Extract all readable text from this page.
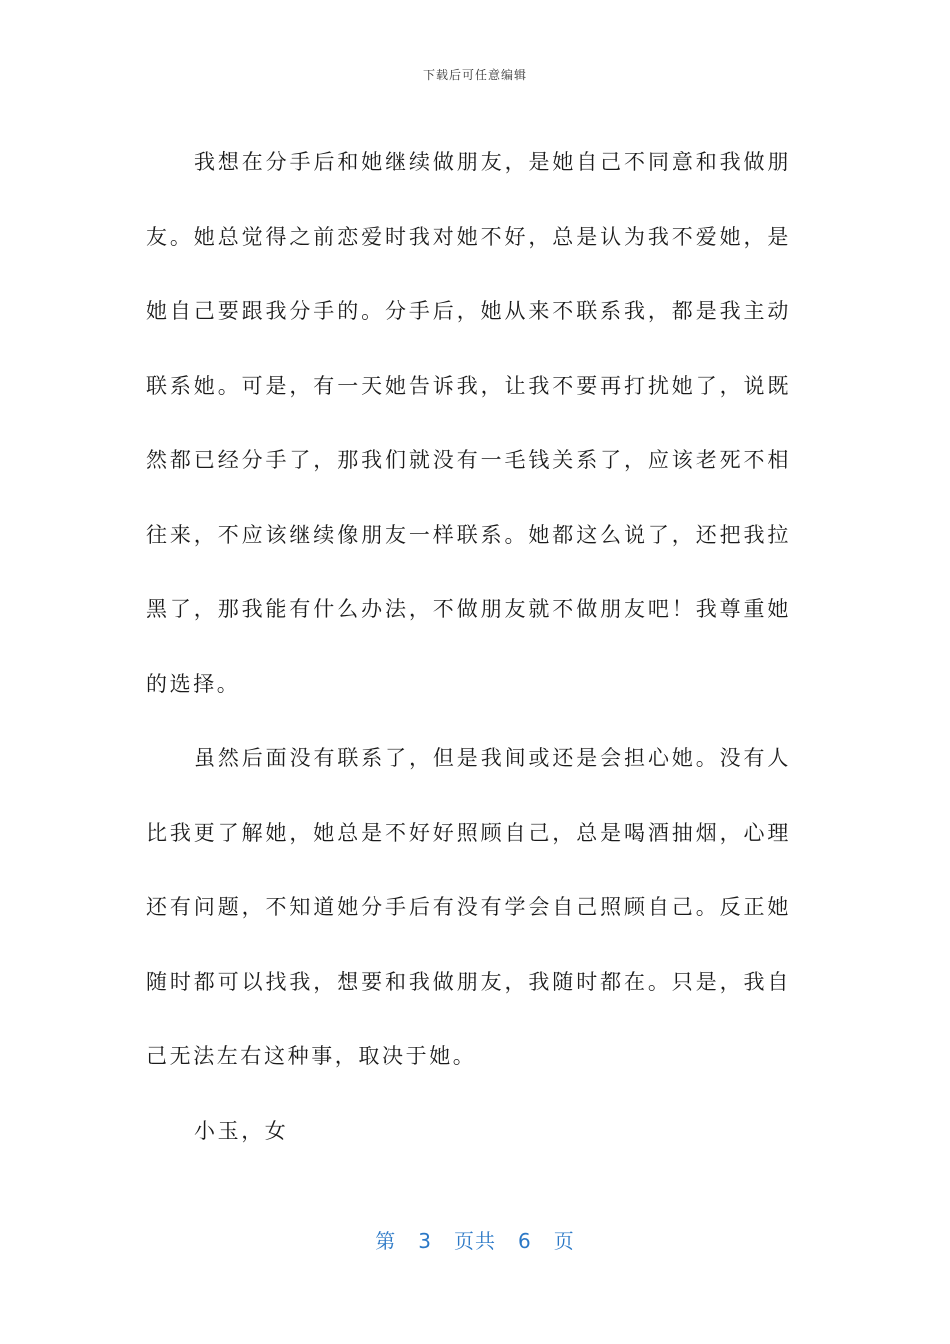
下载后可任意编辑

我想在分手后和她继续做朋友，是她自己不同意和我做朋友。她总觉得之前恋爱时我对她不好，总是认为我不爱她，是她自己要跟我分手的。分手后，她从来不联系我，都是我主动联系她。可是，有一天她告诉我，让我不要再打扰她了，说既然都已经分手了，那我们就没有一毛钱关系了，应该老死不相往来，不应该继续像朋友一样联系。她都这么说了，还把我拉黑了，那我能有什么办法，不做朋友就不做朋友吧！我尊重她的选择。

虽然后面没有联系了，但是我间或还是会担心她。没有人比我更了解她，她总是不好好照顾自己，总是喝酒抽烟，心理还有问题，不知道她分手后有没有学会自己照顾自己。反正她随时都可以找我，想要和我做朋友，我随时都在。只是，我自己无法左右这种事，取决于她。

小玉，女

第 3 页共 6 页
